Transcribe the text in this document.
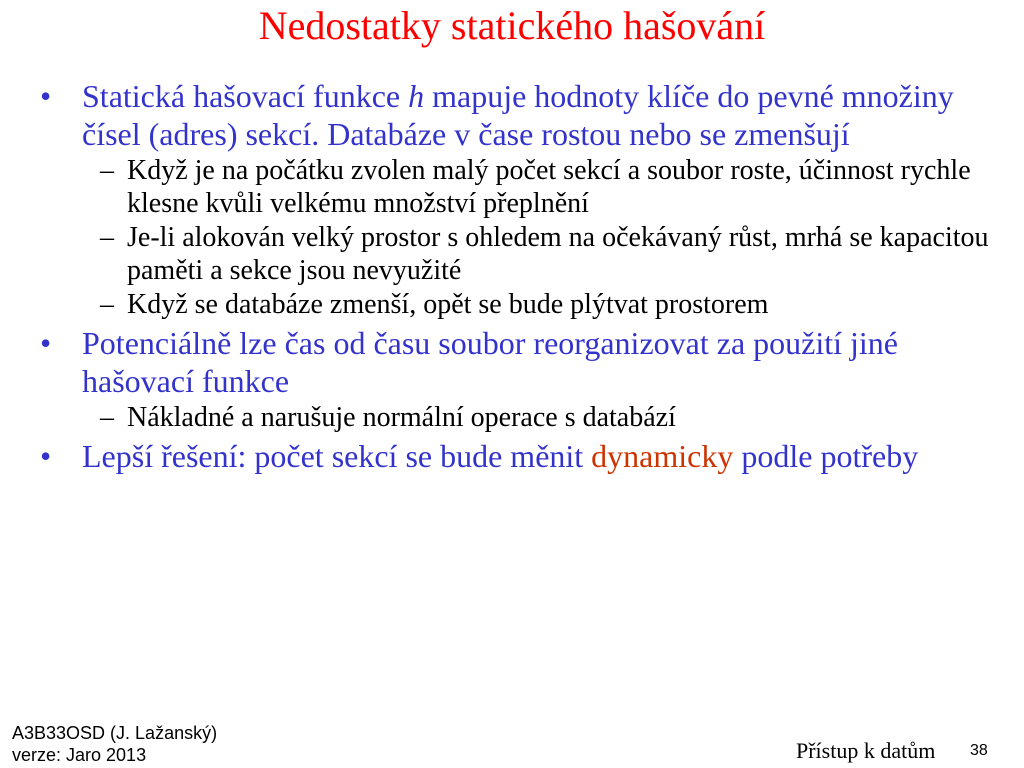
Nedostatky statického hašování
• Statická hašovací funkce h mapuje hodnoty klíče do pevné množiny čísel (adres) sekcí. Databáze v čase rostou nebo se zmenšují
– Když je na počátku zvolen malý počet sekcí a soubor roste, účinnost rychle klesne kvůli velkému množství přeplnění
– Je-li alokován velký prostor s ohledem na očekávaný růst, mrhá se kapacitou paměti a sekce jsou nevyužité
– Když se databáze zmenší, opět se bude plýtvat prostorem
• Potenciálně lze čas od času soubor reorganizovat za použití jiné hašovací funkce
– Nákladné a narušuje normální operace s databází
• Lepší řešení: počet sekcí se bude měnit dynamicky podle potřeby
A3B33OSD (J. Lažanský)
verze: Jaro 2013	Přístup k datům 38
